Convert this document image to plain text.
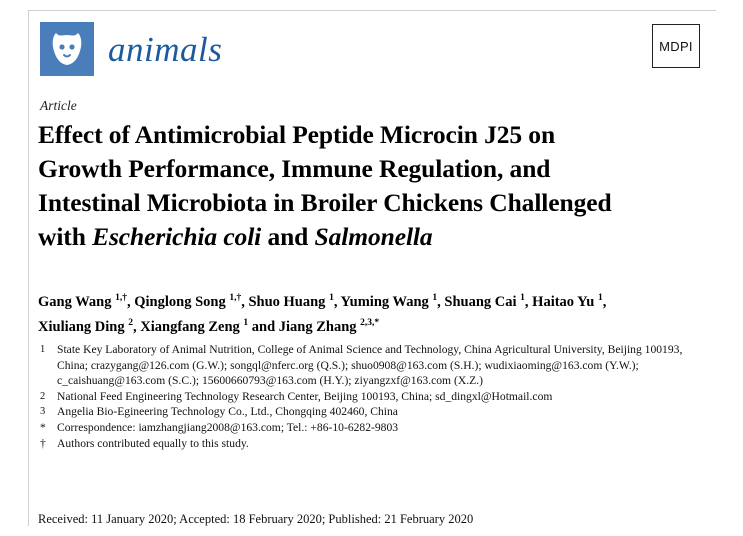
animals	MDPI
Article
Effect of Antimicrobial Peptide Microcin J25 on
Growth Performance, Immune Regulation, and
Intestinal Microbiota in Broiler Chickens Challenged
with Escherichia coli and Salmonella
Gang Wang $^{1,\dagger}$, Qinglong Song $^{1,\dagger}$, Shuo Huang $^1$, Yuming Wang $^1$, Shuang Cai $^1$, Haitao Yu $^1$,
Xiuliang Ding $^2$, Xiangfang Zeng $^1$ and Jiang Zhang $^{2,3,*}$
1	State Key Laboratory of Animal Nutrition, College of Animal Science and Technology, China Agricultural University, Beijing 100193, China; crazygang@126.com (G.W.); songql@nferc.org (Q.S.); shuo0908@163.com (S.H.); wudixiaoming@163.com (Y.W.); c_caishuang@163.com (S.C.); 15600660793@163.com (H.Y.); ziyangzxf@163.com (X.Z.)
2	National Feed Engineering Technology Research Center, Beijing 100193, China; sd_dingxl@Hotmail.com
3	Angelia Bio-Egineering Technology Co., Ltd., Chongqing 402460, China
* Correspondence: iamzhangjiang2008@163.com; Tel.: +86-10-6282-9803
† Authors contributed equally to this study.
Received: 11 January 2020; Accepted: 18 February 2020; Published: 21 February 2020
